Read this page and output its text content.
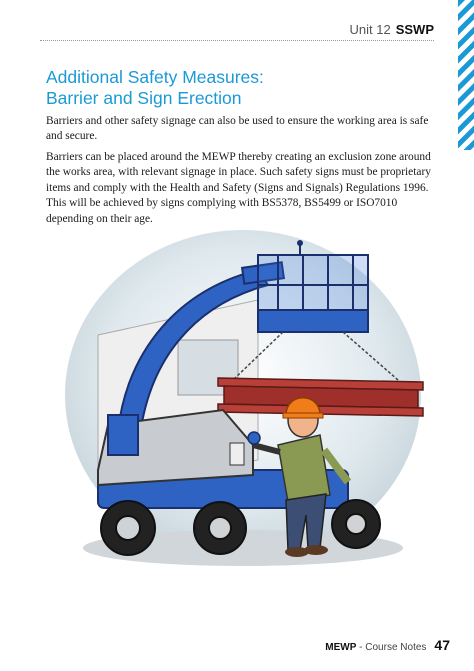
Unit 12 SSWP
Additional Safety Measures:
Barrier and Sign Erection

Barriers and other safety signage can also be used to ensure the working area is safe and secure.

Barriers can be placed around the MEWP thereby creating an exclusion zone around the works area, with relevant signage in place. Such safety signs must be proprietary items and comply with the Health and Safety (Signs and Signals) Regulations 1996. This will be achieved by signs complying with BS5378, BS5499 or ISO7010 depending on their age.

MEWP - Course Notes 47
